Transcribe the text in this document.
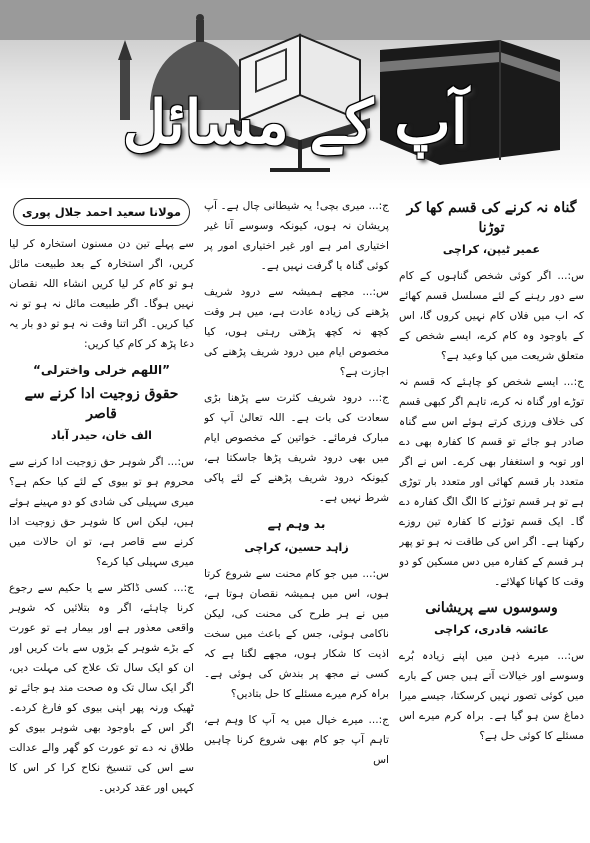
آپ کے مسائل
گناہ نہ کرنے کی قسم کھا کر توڑنا
عمیر ٹیپن، کراچی

س:... اگر کوئی شخص گناہوں کے کام سے دور رہنے کے لئے مسلسل قسم کھائے کہ اب میں فلاں کام نہیں کروں گا، اس کے باوجود وہ کام کرے، ایسے شخص کے متعلق شریعت میں کیا وعید ہے؟

ج:... ایسے شخص کو چاہئے کہ قسم نہ توڑے اور گناہ نہ کرے، تاہم اگر کبھی قسم کی خلاف ورزی کرتے ہوئے اس سے گناہ صادر ہو جائے تو قسم کا کفارہ بھی دے اور توبہ و استغفار بھی کرے۔ اس نے اگر متعدد بار قسم کھائی اور متعدد بار توڑی ہے تو ہر قسم توڑنے کا الگ الگ کفارہ دے گا۔ ایک قسم توڑنے کا کفارہ تین روزے رکھنا ہے۔ اگر اس کی طاقت نہ ہو تو پھر ہر قسم کے کفارہ میں دس مسکین کو دو وقت کا کھانا کھلائے۔

وسوسوں سے پریشانی
عائشہ قادری، کراچی

س:... میرے ذہن میں اپنے زیادہ بُرے وسوسے اور خیالات آتے ہیں جس کے بارے میں کوئی تصور نہیں کرسکتا، جیسے میرا دماغ سن ہو گیا ہے۔ براہ کرم میرے اس مسئلے کا کوئی حل ہے؟

ج:... میری بچی! یہ شیطانی چال ہے۔ آپ پریشان نہ ہوں، کیونکہ وسوسے آنا غیر اختیاری امر ہے اور غیر اختیاری امور پر کوئی گناہ یا گرفت نہیں ہے۔

س:... مجھے ہمیشہ سے درود شریف پڑھنے کی زیادہ عادت ہے، میں ہر وقت کچھ نہ کچھ پڑھتی رہتی ہوں، کیا مخصوص ایام میں درود شریف پڑھنے کی اجازت ہے؟

ج:... درود شریف کثرت سے پڑھنا بڑی سعادت کی بات ہے۔ اللہ تعالیٰ آپ کو مبارک فرمائے۔ خواتین کے مخصوص ایام میں بھی درود شریف پڑھا جاسکتا ہے، کیونکہ درود شریف پڑھنے کے لئے پاکی شرط نہیں ہے۔

بد وہم ہے
زاہد حسین، کراچی

س:... میں جو کام محنت سے شروع کرتا ہوں، اس میں ہمیشہ نقصان ہوتا ہے، میں نے ہر طرح کی محنت کی، لیکن ناکامی ہوئی، جس کے باعث میں سخت اذیت کا شکار ہوں، مجھے لگتا ہے کہ کسی نے مجھ پر بندش کی ہوئی ہے۔ براہ کرم میرے مسئلے کا حل بتادیں؟

ج:... میرے خیال میں یہ آپ کا وہم ہے، تاہم آپ جو کام بھی شروع کرنا چاہیں اس

مولانا سعید احمد جلال پوری

سے پہلے تین دن مسنون استخارہ کر لیا کریں، اگر استخارہ کے بعد طبیعت مائل ہو تو کام کر لیا کریں انشاء اللہ نقصان نہیں ہوگا۔ اگر طبیعت مائل نہ ہو تو نہ کیا کریں۔ اگر اتنا وقت نہ ہو تو دو بار یہ دعا پڑھ کر کام کیا کریں:

”اللھم خرلی واخترلی“
حقوق زوجیت ادا کرنے سے قاصر
الف خان، حیدر آباد

س:... اگر شوہر حق زوجیت ادا کرنے سے محروم ہو تو بیوی کے لئے کیا حکم ہے؟ میری سہیلی کی شادی کو دو مہینے ہوئے ہیں، لیکن اس کا شوہر حق زوجیت ادا کرنے سے قاصر ہے، تو ان حالات میں میری سہیلی کیا کرے؟

ج:... کسی ڈاکٹر سے یا حکیم سے رجوع کرنا چاہئے، اگر وہ بتلائیں کہ شوہر واقعی معذور ہے اور بیمار ہے تو عورت کے بڑے شوہر کے بڑوں سے بات کریں اور ان کو ایک سال تک علاج کی مہلت دیں، اگر ایک سال تک وہ صحت مند ہو جائے تو ٹھیک ورنہ پھر اپنی بیوی کو فارغ کردے۔ اگر اس کے باوجود بھی شوہر بیوی کو طلاق نہ دے تو عورت کو گھر والے عدالت سے اس کی تنسیخ نکاح کرا کر اس کا کہیں اور عقد کردیں۔
